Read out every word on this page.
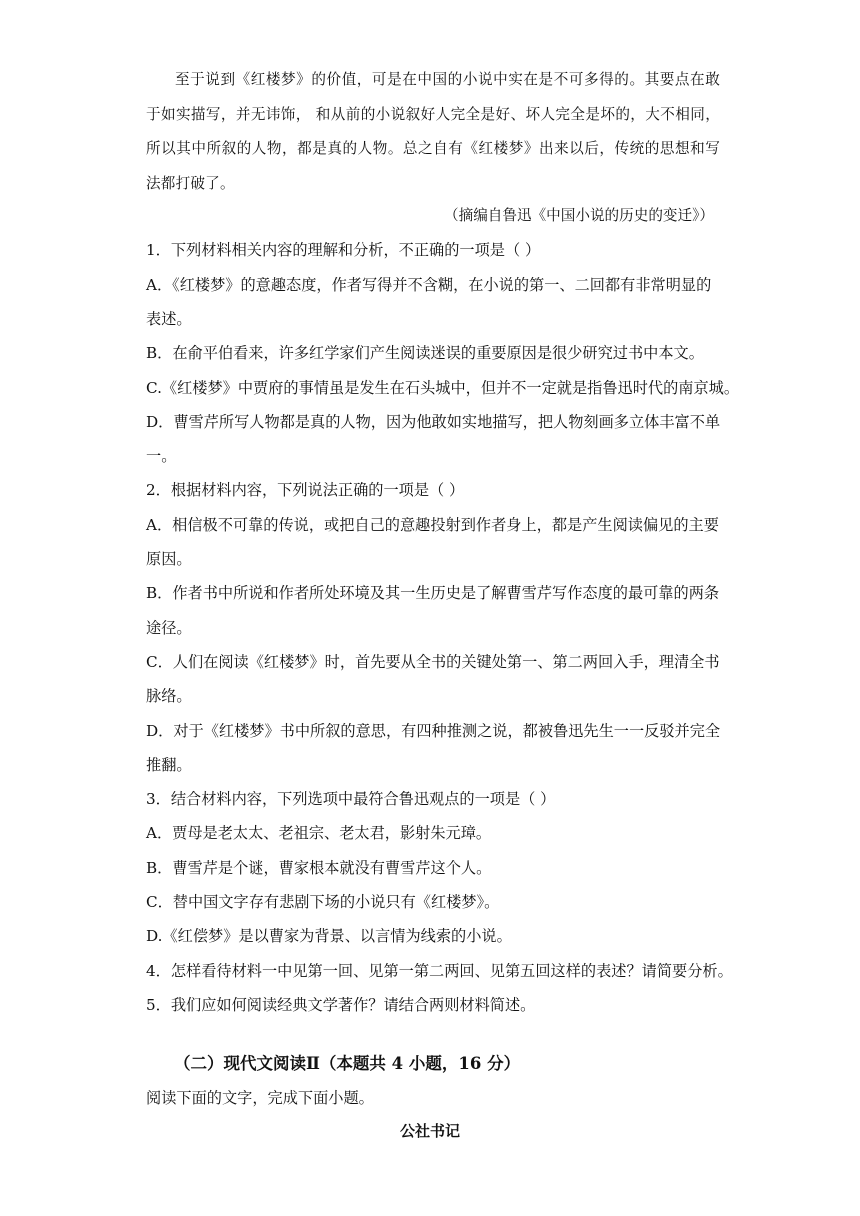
至于说到《红楼梦》的价值，可是在中国的小说中实在是不可多得的。其要点在敢于如实描写，并无讳饰， 和从前的小说叙好人完全是好、坏人完全是坏的，大不相同，所以其中所叙的人物，都是真的人物。总之自有《红楼梦》出来以后，传统的思想和写法都打破了。
（摘编自鲁迅《中国小说的历史的变迁》）
1．下列材料相关内容的理解和分析，不正确的一项是（ ）
A．《红楼梦》的意趣态度，作者写得并不含糊，在小说的第一、二回都有非常明显的
表述。
B．在俞平伯看来，许多红学家们产生阅读迷误的重要原因是很少研究过书中本文。
C.《红楼梦》中贾府的事情虽是发生在石头城中，但并不一定就是指鲁迅时代的南京城。
D．曹雪芹所写人物都是真的人物，因为他敢如实地描写，把人物刻画多立体丰富不单
一。
2．根据材料内容，下列说法正确的一项是（ ）
A．相信极不可靠的传说，或把自己的意趣投射到作者身上，都是产生阅读偏见的主要
原因。
B．作者书中所说和作者所处环境及其一生历史是了解曹雪芹写作态度的最可靠的两条
途径。
C．人们在阅读《红楼梦》时，首先要从全书的关键处第一、第二两回入手，理清全书
脉络。
D．对于《红楼梦》书中所叙的意思，有四种推测之说，都被鲁迅先生一一反驳并完全
推翻。
3．结合材料内容，下列选项中最符合鲁迅观点的一项是（ ）
A．贾母是老太太、老祖宗、老太君，影射朱元璋。
B．曹雪芹是个谜，曹家根本就没有曹雪芹这个人。
C．替中国文字存有悲剧下场的小说只有《红楼梦》。
D.《红偿梦》是以曹家为背景、以言情为线索的小说。
4．怎样看待材料一中见第一回、见第一第二两回、见第五回这样的表述？请简要分析。
5．我们应如何阅读经典文学著作？请结合两则材料简述。
（二）现代文阅读Ⅱ（本题共 4 小题，16 分）
阅读下面的文字，完成下面小题。
公社书记
